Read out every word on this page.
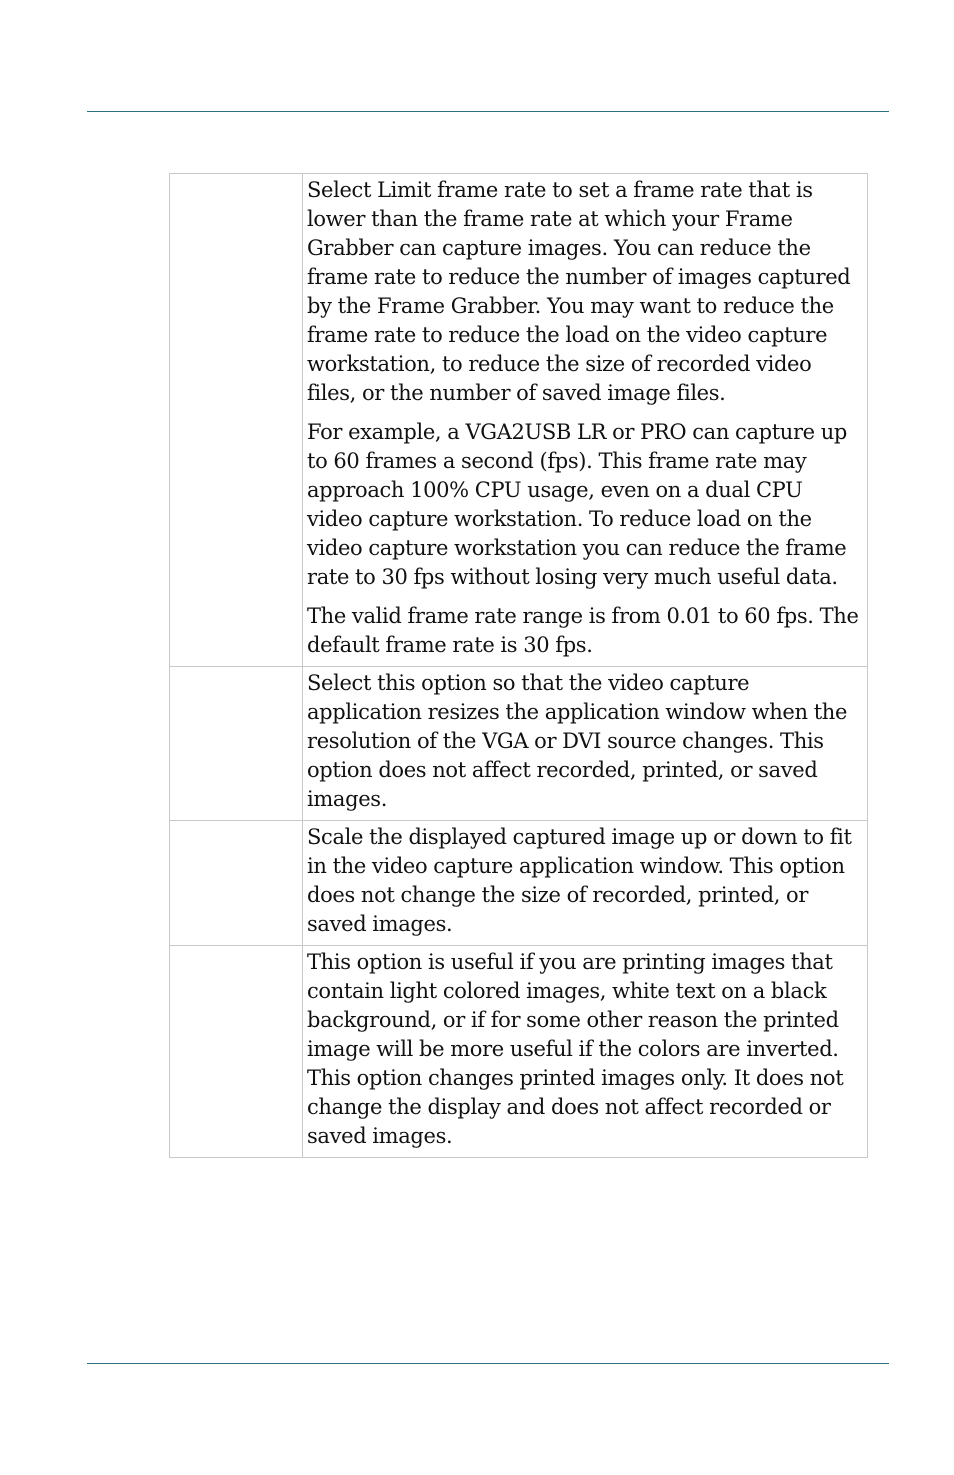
	Select Limit frame rate to set a frame rate that is lower than the frame rate at which your Frame Grabber can capture images. You can reduce the frame rate to reduce the number of images captured by the Frame Grabber. You may want to reduce the frame rate to reduce the load on the video capture workstation, to reduce the size of recorded video files, or the number of saved image files.

For example, a VGA2USB LR or PRO can capture up to 60 frames a second (fps). This frame rate may approach 100% CPU usage, even on a dual CPU video capture workstation. To reduce load on the video capture workstation you can reduce the frame rate to 30 fps without losing very much useful data.

The valid frame rate range is from 0.01 to 60 fps. The default frame rate is 30 fps.

	Select this option so that the video capture application resizes the application window when the resolution of the VGA or DVI source changes. This option does not affect recorded, printed, or saved images.

	Scale the displayed captured image up or down to fit in the video capture application window. This option does not change the size of recorded, printed, or saved images.

	This option is useful if you are printing images that contain light colored images, white text on a black background, or if for some other reason the printed image will be more useful if the colors are inverted. This option changes printed images only. It does not change the display and does not affect recorded or saved images.
